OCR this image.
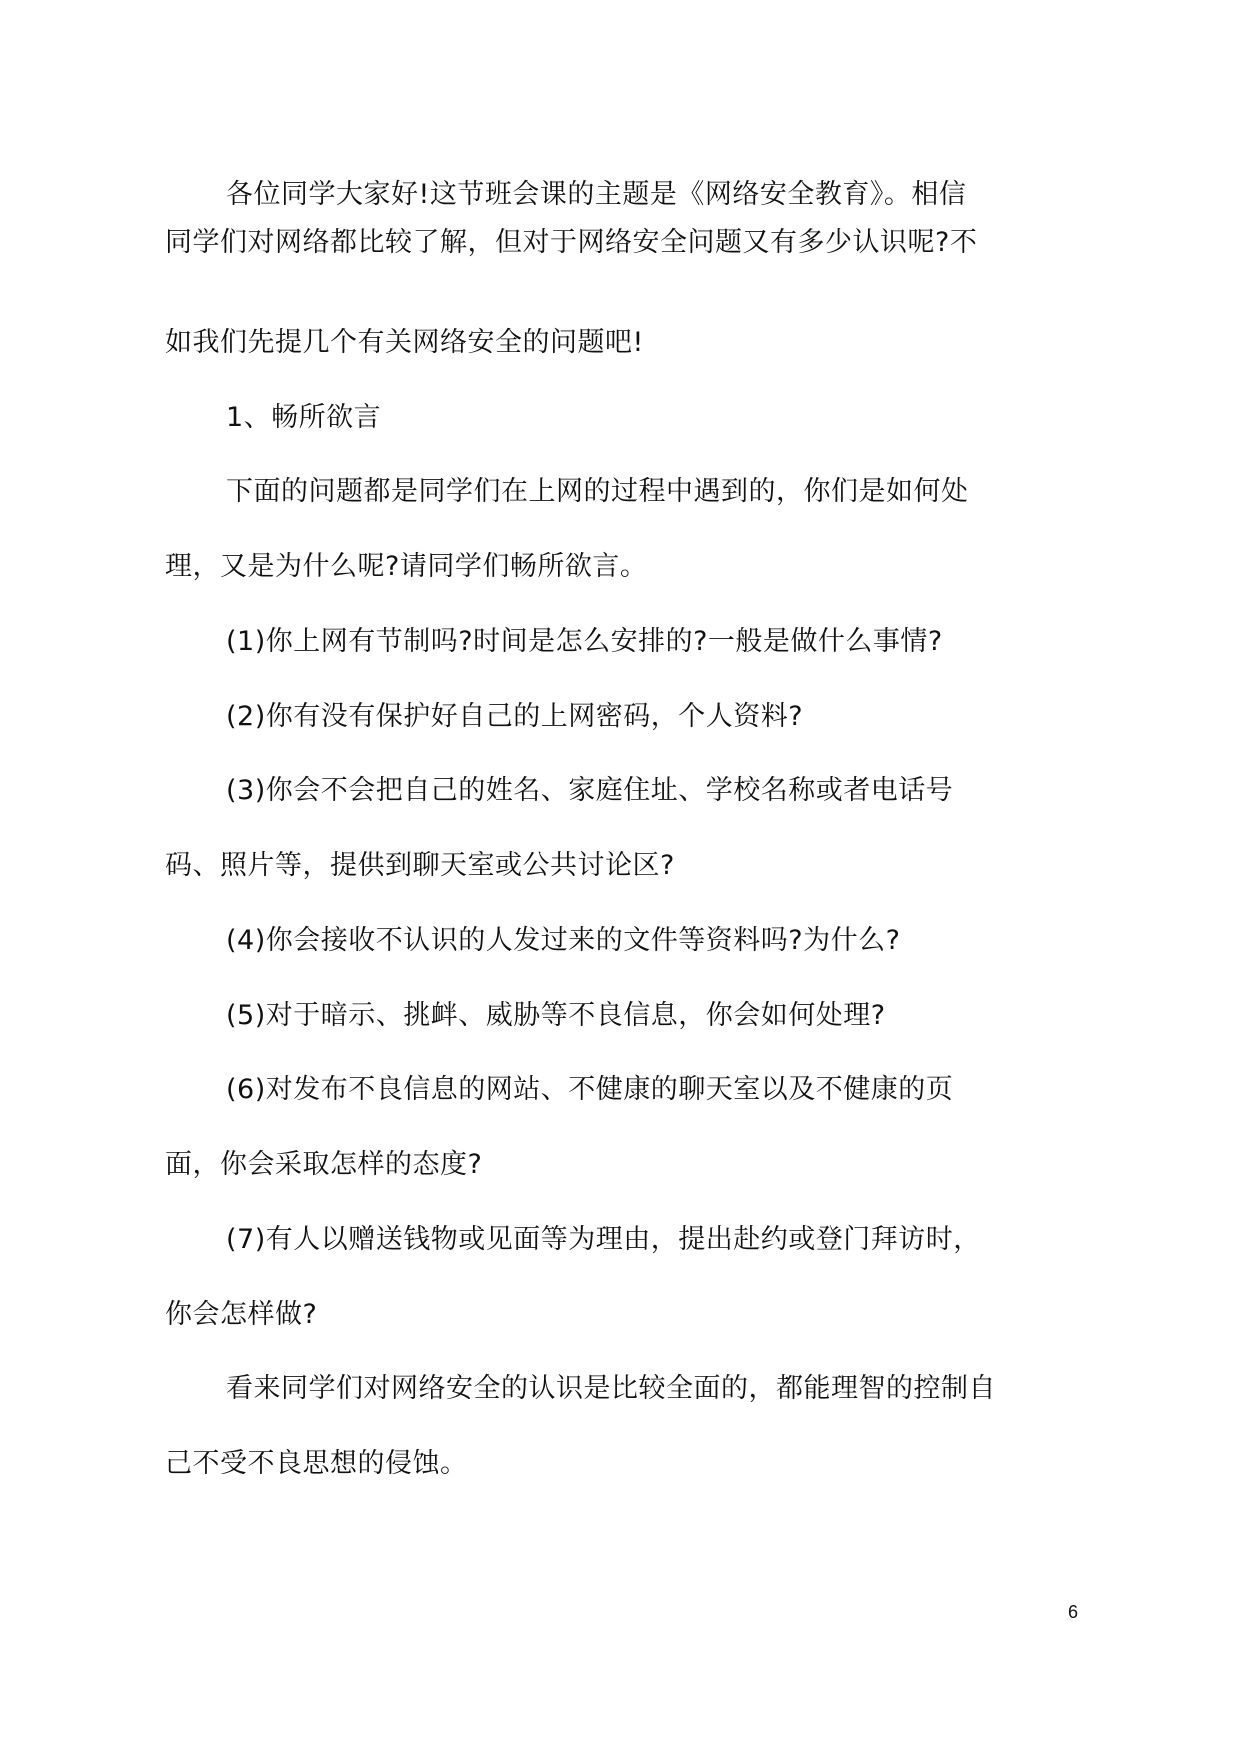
各位同学大家好!这节班会课的主题是《网络安全教育》。相信
同学们对网络都比较了解，但对于网络安全问题又有多少认识呢?不
如我们先提几个有关网络安全的问题吧!
1、畅所欲言
下面的问题都是同学们在上网的过程中遇到的，你们是如何处
理，又是为什么呢?请同学们畅所欲言。
(1)你上网有节制吗?时间是怎么安排的?一般是做什么事情?
(2)你有没有保护好自己的上网密码，个人资料?
(3)你会不会把自己的姓名、家庭住址、学校名称或者电话号
码、照片等，提供到聊天室或公共讨论区?
(4)你会接收不认识的人发过来的文件等资料吗?为什么?
(5)对于暗示、挑衅、威胁等不良信息，你会如何处理?
(6)对发布不良信息的网站、不健康的聊天室以及不健康的页
面，你会采取怎样的态度?
(7)有人以赠送钱物或见面等为理由，提出赴约或登门拜访时，
你会怎样做?
看来同学们对网络安全的认识是比较全面的，都能理智的控制自
己不受不良思想的侵蚀。
6
